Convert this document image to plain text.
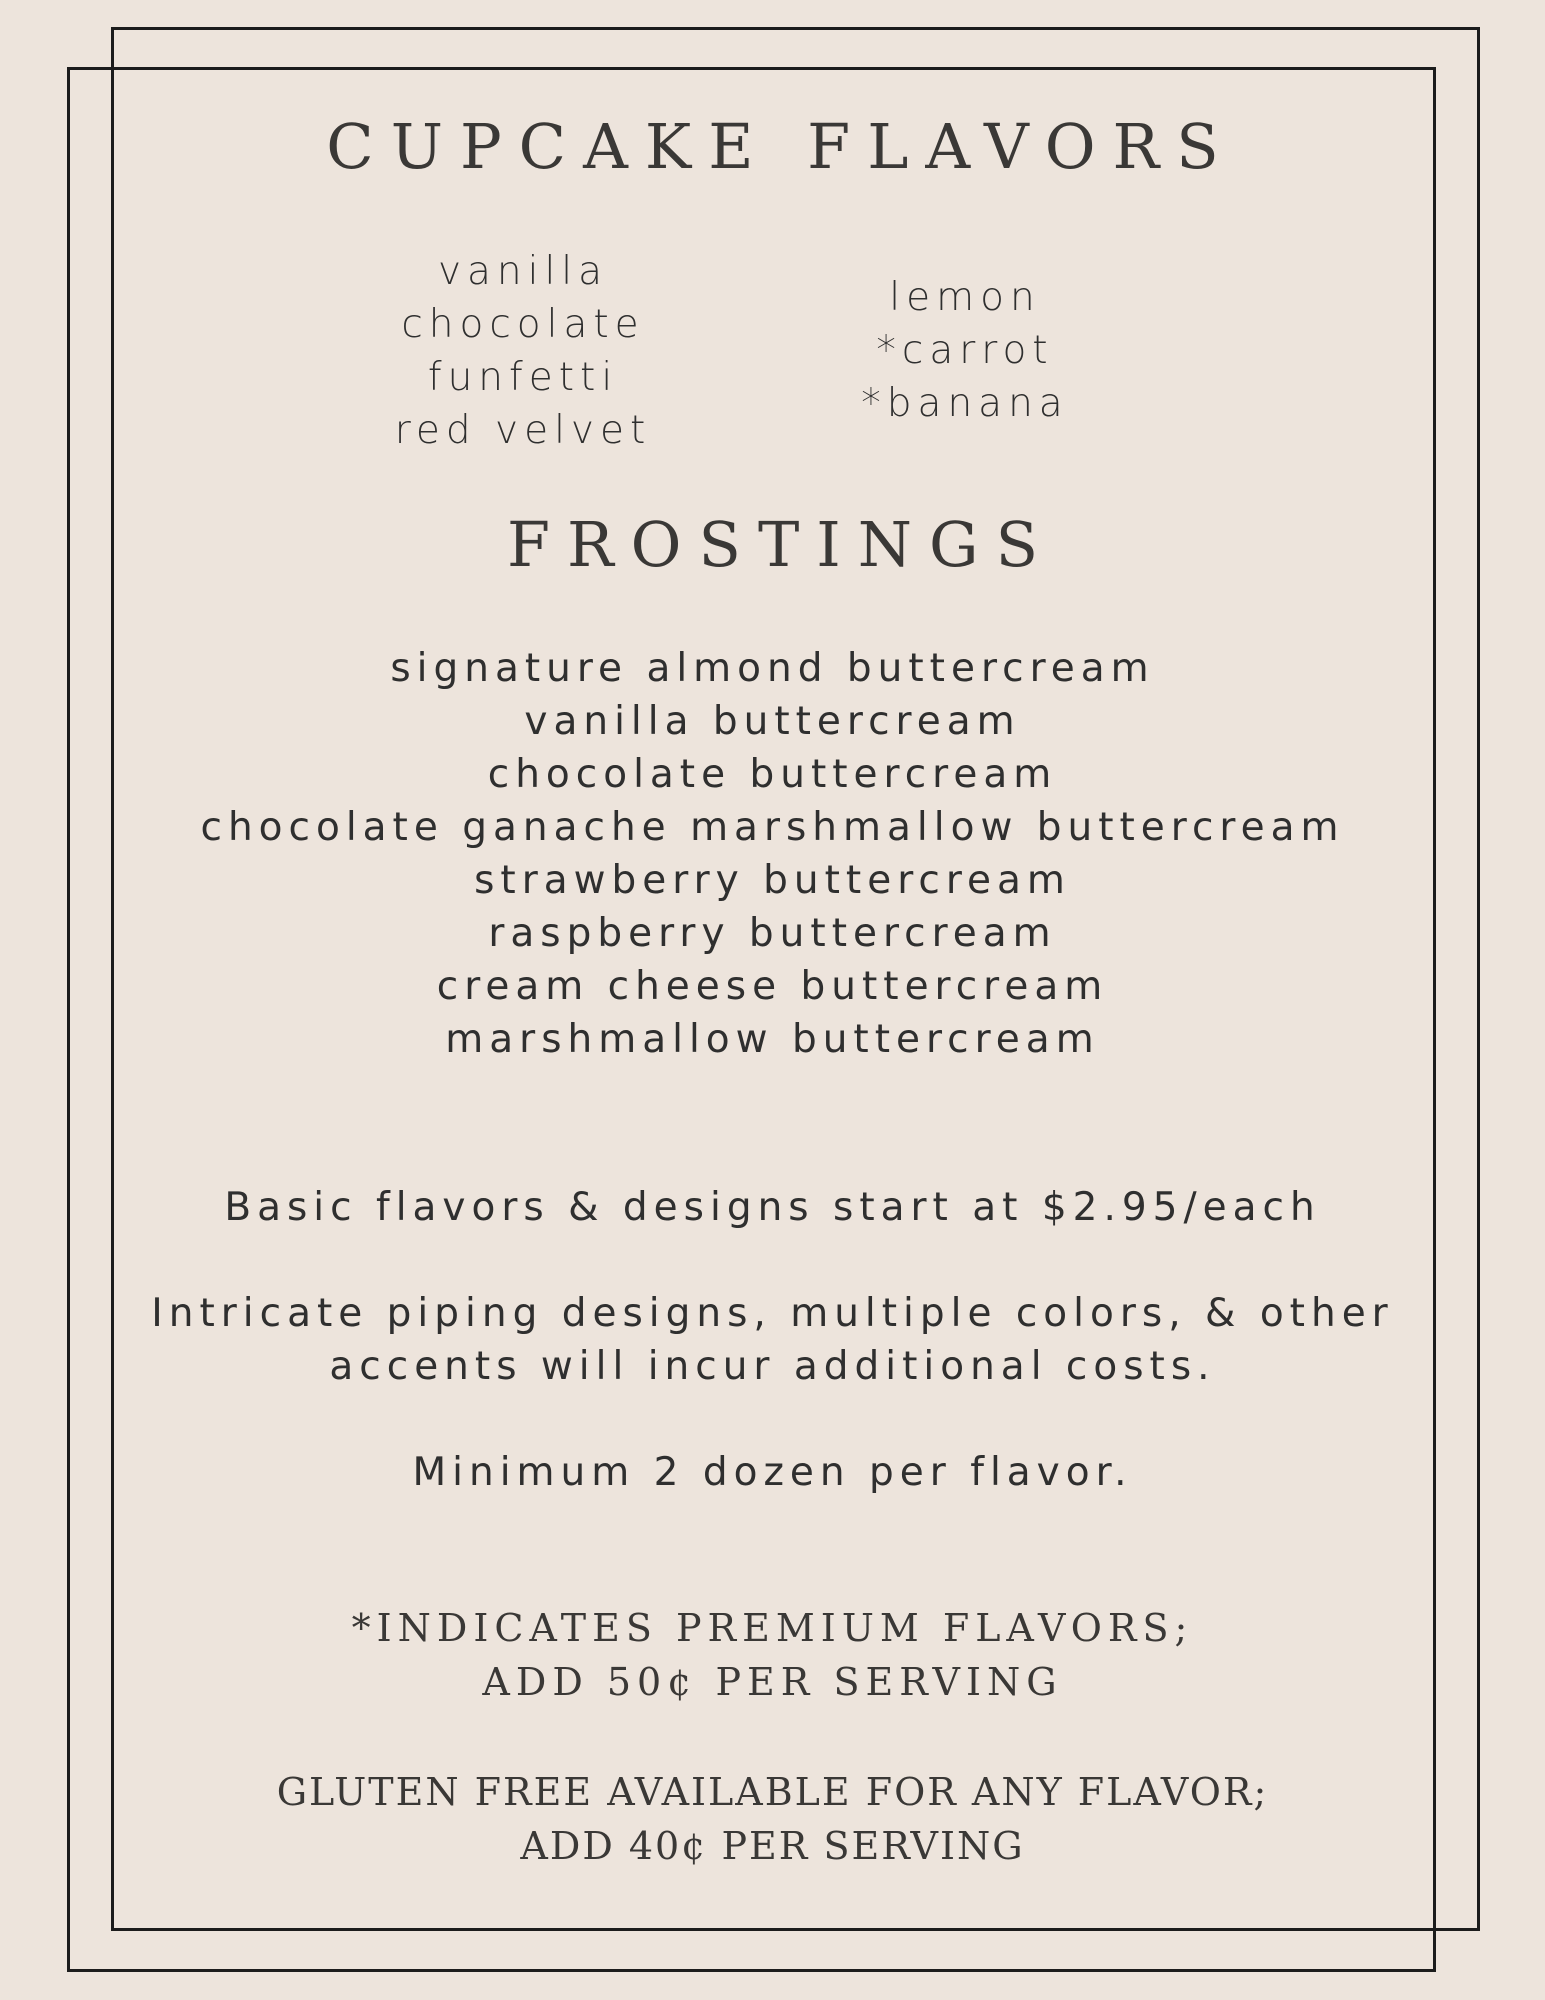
CUPCAKE FLAVORS
vanilla
chocolate
funfetti
red velvet
lemon
*carrot
*banana
FROSTINGS
signature almond buttercream
vanilla buttercream
chocolate buttercream
chocolate ganache marshmallow buttercream
strawberry buttercream
raspberry buttercream
cream cheese buttercream
marshmallow buttercream
Basic flavors & designs start at $2.95/each
Intricate piping designs, multiple colors, & other
accents will incur additional costs.
Minimum 2 dozen per flavor.
*INDICATES PREMIUM FLAVORS;
ADD 50¢ PER SERVING
GLUTEN FREE AVAILABLE FOR ANY FLAVOR;
ADD 40¢ PER SERVING
